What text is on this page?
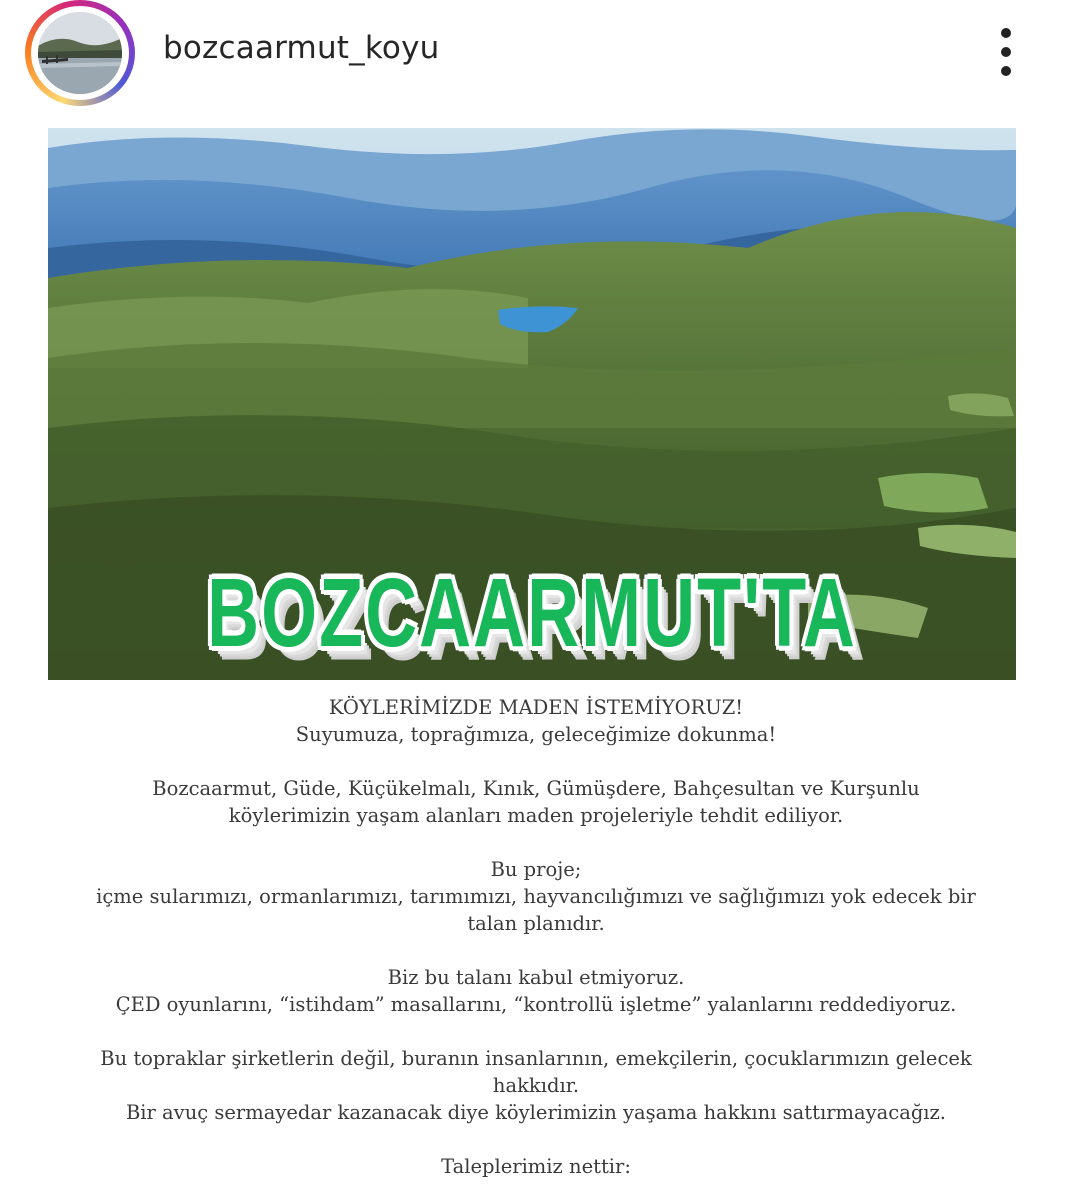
bozcaarmut_koyu
BOZCAARMUT'TA

KÖYLERİMİZDE MADEN İSTEMİYORUZ!

Suyumuza, toprağımıza, geleceğimize dokunma!

Bozcaarmut, Güde, Küçükelmalı, Kınık, Gümüşdere, Bahçesultan ve Kurşunlu

köylerimizin yaşam alanları maden projeleriyle tehdit ediliyor.

Bu proje;

içme sularımızı, ormanlarımızı, tarımımızı, hayvancılığımızı ve sağlığımızı yok edecek bir

talan planıdır.

Biz bu talanı kabul etmiyoruz.

ÇED oyunlarını, “istihdam” masallarını, “kontrollü işletme” yalanlarını reddediyoruz.

Bu topraklar şirketlerin değil, buranın insanlarının, emekçilerin, çocuklarımızın gelecek

hakkıdır.

Bir avuç sermayedar kazanacak diye köylerimizin yaşama hakkını sattırmayacağız.

Taleplerimiz nettir:
